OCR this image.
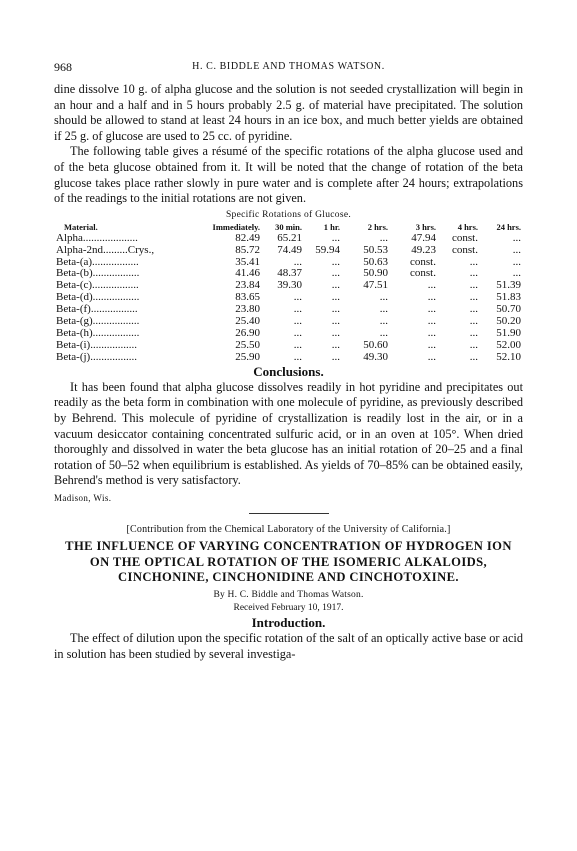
968	H. C. BIDDLE AND THOMAS WATSON.

dine dissolve 10 g. of alpha glucose and the solution is not seeded crystallization will begin in an hour and a half and in 5 hours probably 2.5 g. of material have precipitated. The solution should be allowed to stand at least 24 hours in an ice box, and much better yields are obtained if 25 g. of glucose are used to 25 cc. of pyridine.

The following table gives a résumé of the specific rotations of the alpha glucose used and of the beta glucose obtained from it. It will be noted that the change of rotation of the beta glucose takes place rather slowly in pure water and is complete after 24 hours; extrapolations of the readings to the initial rotations are not given.

Specific Rotations of Glucose.
Material.	Immediately.	30 min.	1 hr.	2 hrs.	3 hrs.	4 hrs.	24 hrs.
Alpha....................	82.49	65.21	...	...	47.94	const.	...
Alpha-2nd.........Crys.,	85.72	74.49	59.94	50.53	49.23	const.	...
Beta-(a).................	35.41	...	...	50.63	const.	...	...
Beta-(b).................	41.46	48.37	...	50.90	const.	...	...
Beta-(c).................	23.84	39.30	...	47.51	...	...	51.39
Beta-(d).................	83.65	...	...	...	...	...	51.83
Beta-(f).................	23.80	...	...	...	...	...	50.70
Beta-(g).................	25.40	...	...	...	...	...	50.20
Beta-(h).................	26.90	...	...	...	...	...	51.90
Beta-(i).................	25.50	...	...	50.60	...	...	52.00
Beta-(j).................	25.90	...	...	49.30	...	...	52.10
Conclusions.

It has been found that alpha glucose dissolves readily in hot pyridine and precipitates out readily as the beta form in combination with one molecule of pyridine, as previously described by Behrend. This molecule of pyridine of crystallization is readily lost in the air, or in a vacuum desiccator containing concentrated sulfuric acid, or in an oven at 105°. When dried thoroughly and dissolved in water the beta glucose has an initial rotation of 20–25 and a final rotation of 50–52 when equilibrium is established. As yields of 70–85% can be obtained easily, Behrend's method is very satisfactory.

Madison, Wis.
[Contribution from the Chemical Laboratory of the University of California.]
THE INFLUENCE OF VARYING CONCENTRATION OF HYDROGEN ION ON THE OPTICAL ROTATION OF THE ISOMERIC ALKALOIDS, CINCHONINE, CINCHONIDINE AND CINCHOTOXINE.
By H. C. Biddle and Thomas Watson.
Received February 10, 1917.
Introduction.

The effect of dilution upon the specific rotation of the salt of an optically active base or acid in solution has been studied by several investiga-
